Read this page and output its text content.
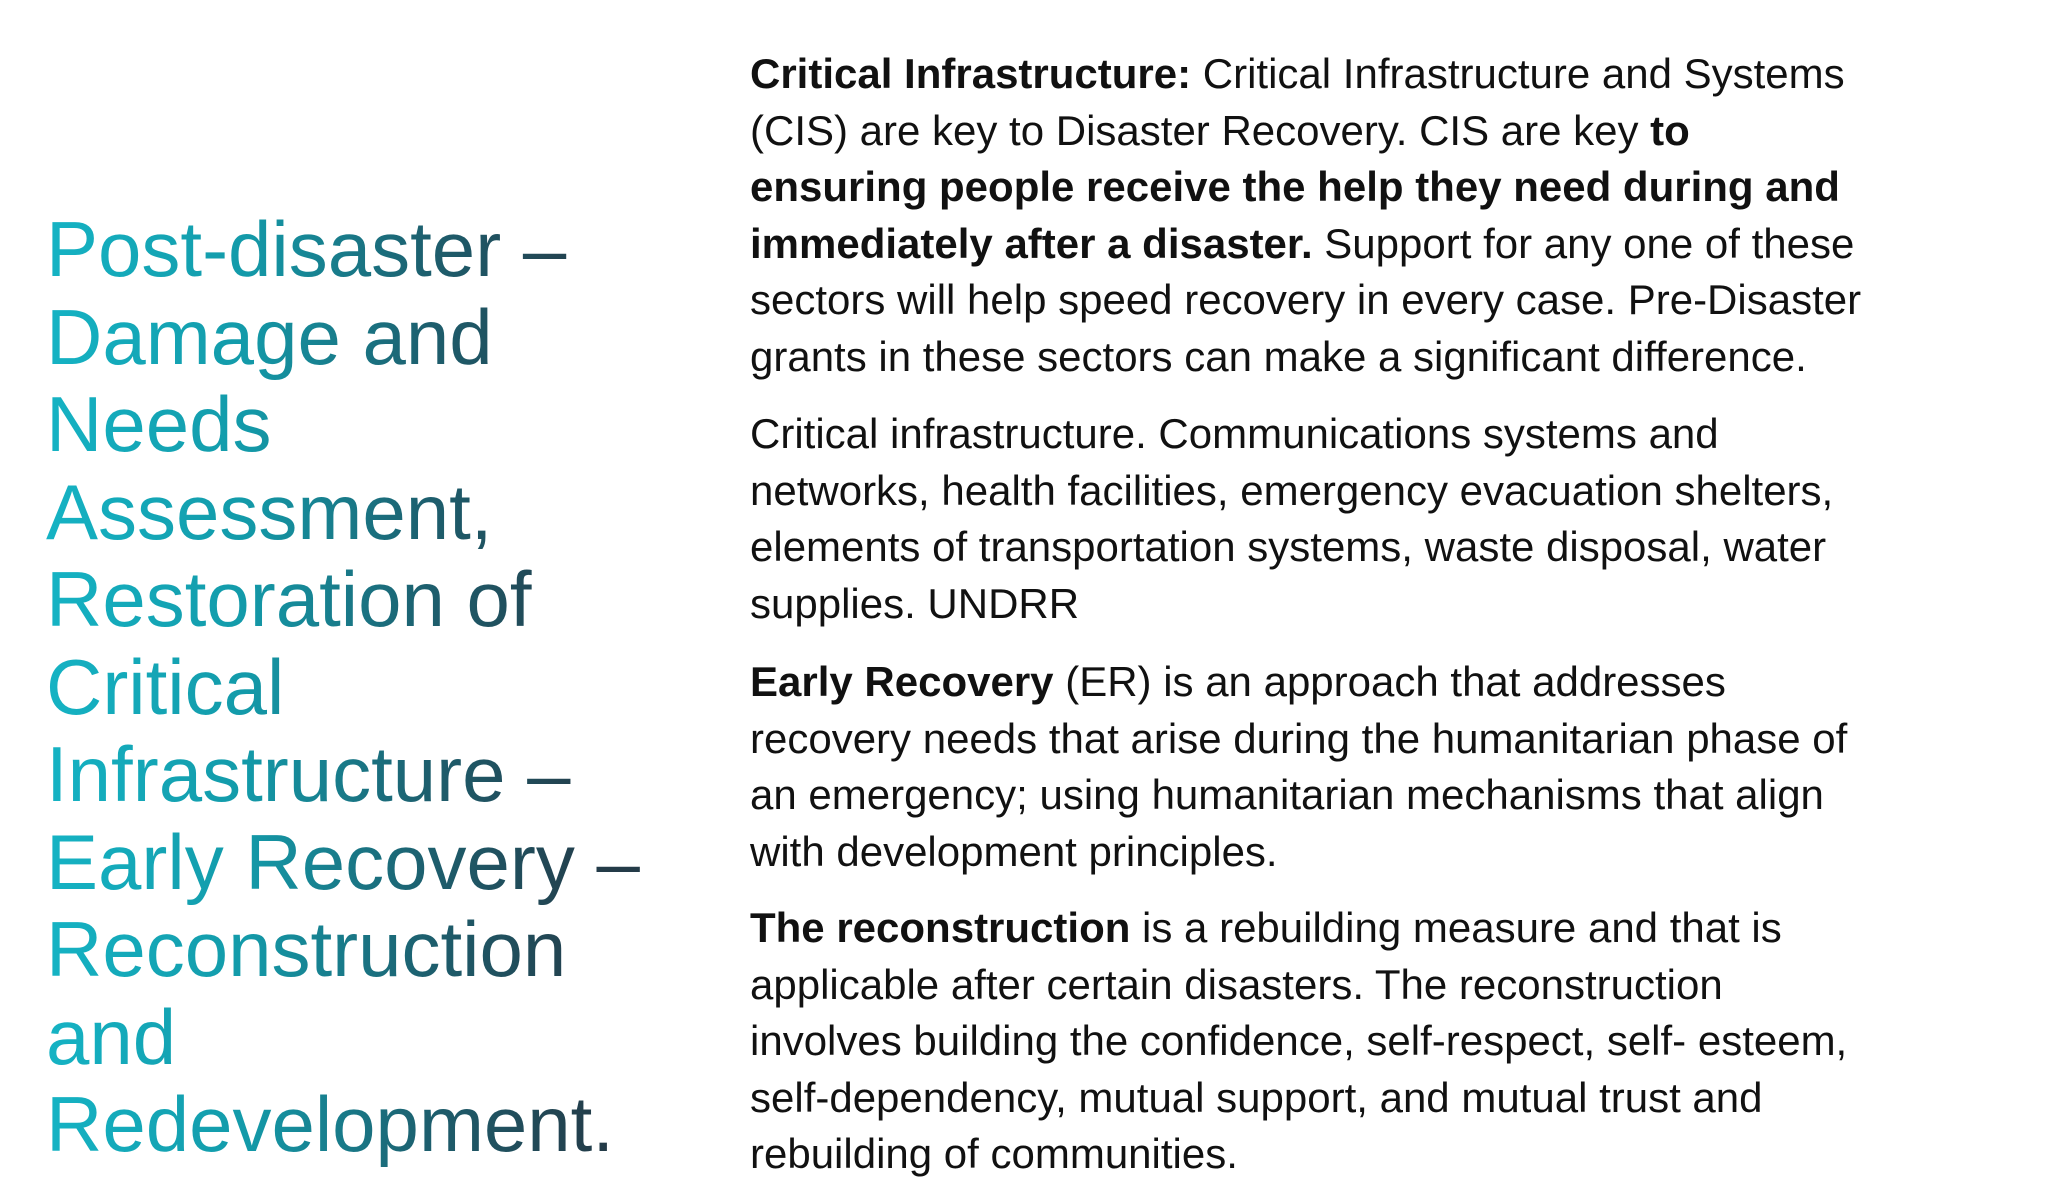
Post-disaster –
Damage and
Needs
Assessment,
Restoration of
Critical
Infrastructure –
Early Recovery –
Reconstruction
and
Redevelopment.

Critical Infrastructure: Critical Infrastructure and Systems
(CIS) are key to Disaster Recovery. CIS are key to
ensuring people receive the help they need during and
immediately after a disaster. Support for any one of these
sectors will help speed recovery in every case. Pre-Disaster
grants in these sectors can make a significant difference.

Critical infrastructure. Communications systems and
networks, health facilities, emergency evacuation shelters,
elements of transportation systems, waste disposal, water
supplies. UNDRR

Early Recovery (ER) is an approach that addresses
recovery needs that arise during the humanitarian phase of
an emergency; using humanitarian mechanisms that align
with development principles.

The reconstruction is a rebuilding measure and that is
applicable after certain disasters. The reconstruction
involves building the confidence, self-respect, self- esteem,
self-dependency, mutual support, and mutual trust and
rebuilding of communities.
